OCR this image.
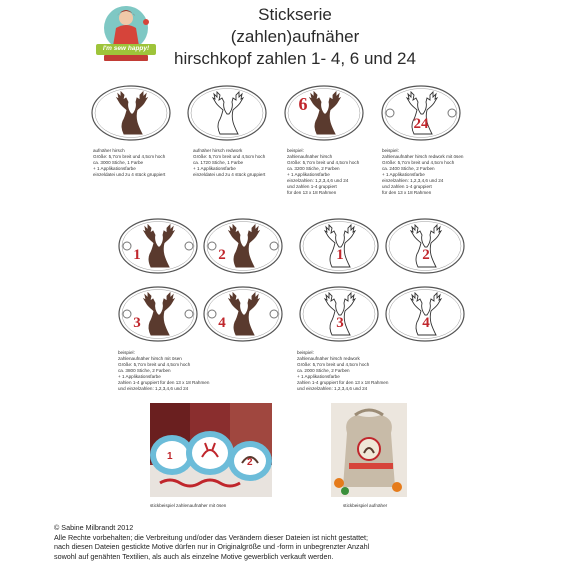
I'm sew happy!
Stickserie
(zahlen)aufnäher
hirschkopf zahlen 1- 4, 6 und 24
6
24
1	2
3	4
1	2
3	4
aufnäher hirsch
Größe: 5,7cm breit und 4,5cm hoch
ca. 3000 Stiche, 1 Farbe
+ 1 Applikationsfarbe
einzeldatei und zu 4 stück gruppiert
aufnäher hirsch redwork
Größe: 5,7cm breit und 4,5cm hoch
ca. 1720 Stiche, 1 Farbe
+ 1 Applikationsfarbe
einzeldatei und zu 4 stück gruppiert
beispiel:
zahlenaufnäher hirsch
Größe: 5,7cm breit und 4,5cm hoch
ca. 3200 Stiche, 2 Farben
+ 1 Applikationsfarbe
einzelzahlen: 1,2,3,4,6 und 24
und zahlen 1-4 gruppiert
für den 13 x 18 Rahmen
beispiel:
zahlenaufnäher hirsch redwork mit ösen
Größe: 5,7cm breit und 4,5cm hoch
ca. 2400 Stiche, 2 Farben
+ 1 Applikationsfarbe
einzelzahlen: 1,2,3,4,6 und 24
und zahlen 1-4 gruppiert
für den 13 x 18 Rahmen
beispiel:
zahlenaufnäher hirsch mit ösen
Größe: 5,7cm breit und 4,5cm hoch
ca. 3800 Stiche, 2 Farben
+ 1 Applikationsfarbe
zahlen 1-4 gruppiert für den 13 x 18 Rahmen
und einzelzahlen: 1,2,3,4,6 und 24
beispiel:
zahlenaufnäher hirsch redwork
Größe: 5,7cm breit und 4,5cm hoch
ca. 2000 Stiche, 2 Farben
+ 1 Applikationsfarbe
zahlen 1-4 gruppiert für den 13 x 18 Rahmen
und einzelzahlen: 1,2,3,4,6 und 24
1
2
stickbeispiel zahlenaufnäher mit ösen	stickbeispiel aufnäher
© Sabine Milbrandt 2012
Alle Rechte vorbehalten; die Verbreitung und/oder das Verändern dieser Dateien ist nicht gestattet;
nach diesen Dateien gestickte Motive dürfen nur in Originalgröße und -form in unbegrenzter Anzahl
sowohl auf genähten Textilien, als auch als einzelne Motive gewerblich verkauft werden.
